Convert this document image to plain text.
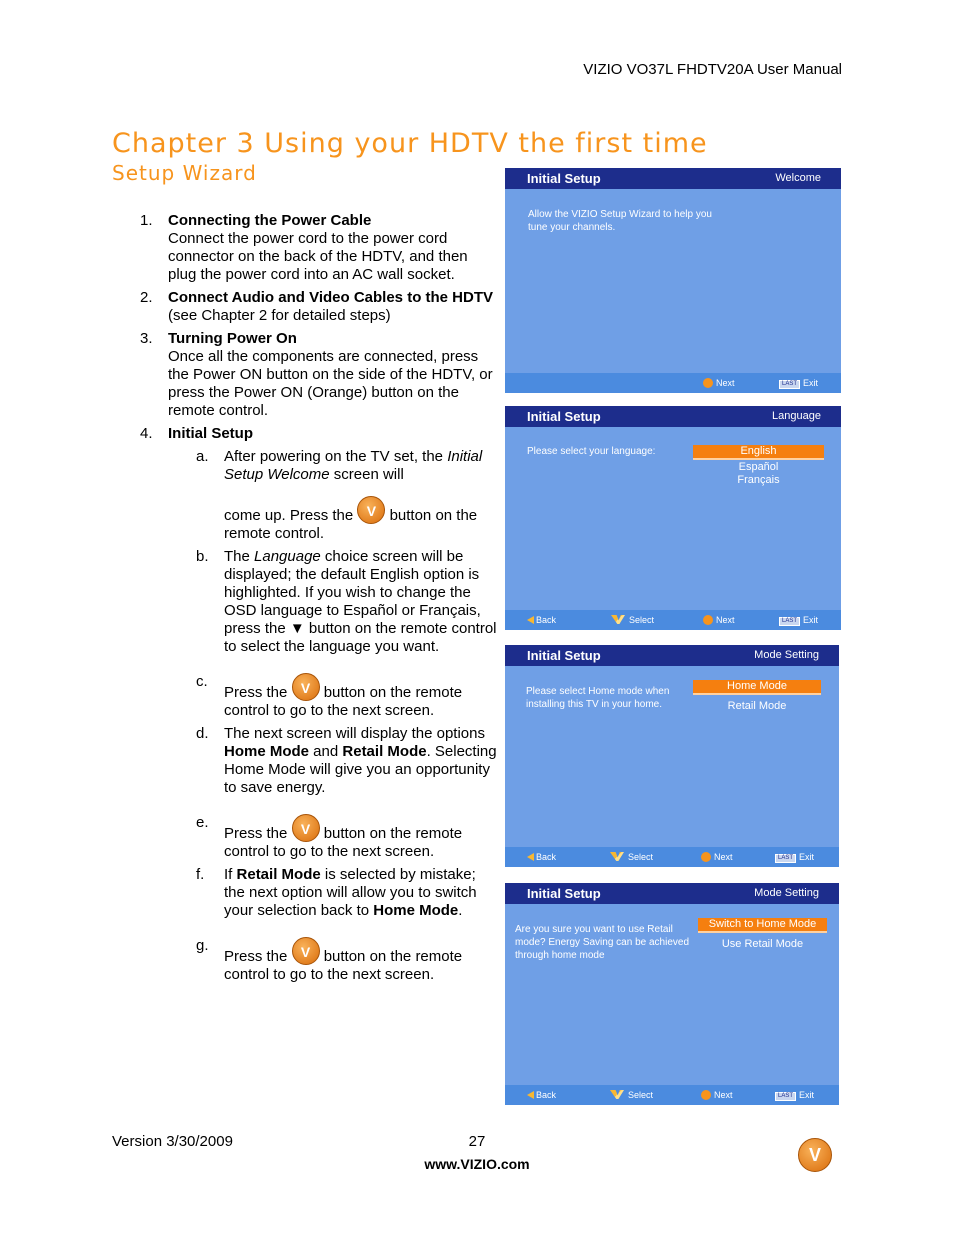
VIZIO VO37L FHDTV20A User Manual
Chapter 3 Using your HDTV the first time
Setup Wizard
1. Connecting the Power Cable
Connect the power cord to the power cord connector on the back of the HDTV, and then plug the power cord into an AC wall socket.
2. Connect Audio and Video Cables to the HDTV
(see Chapter 2 for detailed steps)
3. Turning Power On
Once all the components are connected, press the Power ON button on the side of the HDTV, or press the Power ON (Orange) button on the remote control.
4. Initial Setup
a. After powering on the TV set, the Initial Setup Welcome screen will
come up. Press the V button on the remote control.
b. The Language choice screen will be displayed; the default English option is highlighted. If you wish to change the OSD language to Español or Français,
press the ▼ button on the remote control to select the language you want.
c.
Press the V button on the remote control to go to the next screen.
d. The next screen will display the options Home Mode and Retail Mode. Selecting Home Mode will give you an opportunity to save energy.
e.
Press the V button on the remote control to go to the next screen.
f. If Retail Mode is selected by mistake; the next option will allow you to switch your selection back to Home Mode.
g.
Press the V button on the remote control to go to the next screen.
Initial Setup	Welcome
Allow the VIZIO Setup Wizard to help you tune your channels.
Next	LAST Exit
Initial Setup	Language
Please select your language:	English
Español
Français
Back	Select	Next	LAST Exit
Initial Setup	Mode Setting
Please select Home mode when installing this TV in your home.
Home Mode
Retail Mode
Back	Select	Next	LAST Exit
Initial Setup	Mode Setting
Are you sure you want to use Retail mode? Energy Saving can be achieved through home mode
Switch to Home Mode
Use Retail Mode
Back	Select	Next	LAST Exit
Version 3/30/2009	27
www.VIZIO.com
V
